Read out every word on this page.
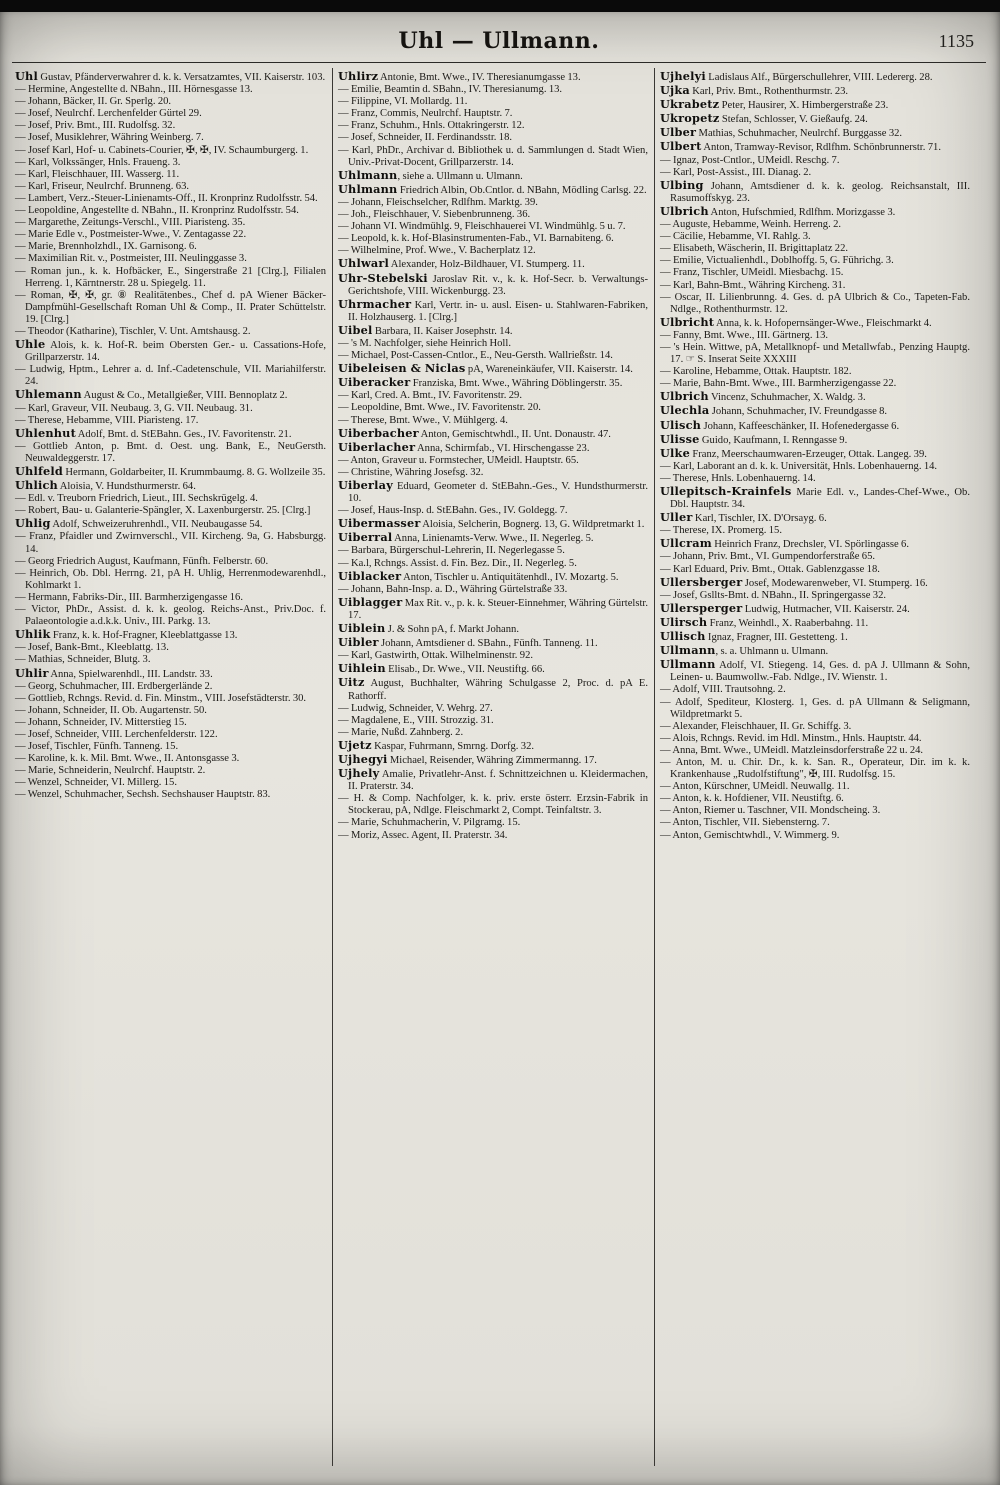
Uhl — Ullmann.	1135
Uhl Gustav, Pfänderverwahrer d. k. k. Versatzamtes, VII. Kaiserstr. 103.
— Hermine, Angestellte d. NBahn., III. Hörnesgasse 13.
— Johann, Bäcker, II. Gr. Sperlg. 20.
— Josef, Neulrchf. Lerchenfelder Gürtel 29.
— Josef, Priv. Bmt., III. Rudolfsg. 32.
— Josef, Musiklehrer, Währing Weinberg. 7.
— Josef Karl, Hof- u. Cabinets-Courier, ✠, ✠, IV. Schaumburgerg. 1.
— Karl, Volkssänger, Hnls. Fraueng. 3.
— Karl, Fleischhauer, III. Wasserg. 11.
— Karl, Friseur, Neulrchf. Brunneng. 63.
— Lambert, Verz.-Steuer-Linienamts-Off., II. Kronprinz Rudolfsstr. 54.
— Leopoldine, Angestellte d. NBahn., II. Kronprinz Rudolfsstr. 54.
— Margarethe, Zeitungs-Verschl., VIII. Piaristeng. 35.
— Marie Edle v., Postmeister-Wwe., V. Zentagasse 22.
— Marie, Brennholzhdl., IX. Garnisong. 6.
— Maximilian Rit. v., Postmeister, III. Neulinggasse 3.
— Roman jun., k. k. Hofbäcker, E., Singerstraße 21 [Clrg.], Filialen Herreng. 1, Kärntnerstr. 28 u. Spiegelg. 11.
— Roman, ✠, ✠, gr. ⑧ Realitätenbes., Chef d. pA Wiener Bäcker-Dampfmühl-Gesellschaft Roman Uhl & Comp., II. Prater Schüttelstr. 19. [Clrg.]
— Theodor (Katharine), Tischler, V. Unt. Amtshausg. 2.
Uhle Alois, k. k. Hof-R. beim Obersten Ger.- u. Cassations-Hofe, Grillparzerstr. 14.
— Ludwig, Hptm., Lehrer a. d. Inf.-Cadetenschule, VII. Mariahilferstr. 24.
Uhlemann August & Co., Metallgießer, VIII. Bennoplatz 2.
— Karl, Graveur, VII. Neubaug. 3, G. VII. Neubaug. 31.
— Therese, Hebamme, VIII. Piaristeng. 17.
Uhlenhut Adolf, Bmt. d. StEBahn. Ges., IV. Favoritenstr. 21.
— Gottlieb Anton, p. Bmt. d. Oest. ung. Bank, E., NeuGersth. Neuwaldeggerstr. 17.
Uhlfeld Hermann, Goldarbeiter, II. Krummbaumg. 8. G. Wollzeile 35.
Uhlich Aloisia, V. Hundsthurmerstr. 64.
— Edl. v. Treuborn Friedrich, Lieut., III. Sechskrügelg. 4.
— Robert, Bau- u. Galanterie-Spängler, X. Laxenburgerstr. 25. [Clrg.]
Uhlig Adolf, Schweizeruhrenhdl., VII. Neubaugasse 54.
— Franz, Pfaidler und Zwirnverschl., VII. Kircheng. 9a, G. Habsburgg. 14.
— Georg Friedrich August, Kaufmann, Fünfh. Felberstr. 60.
— Heinrich, Ob. Dbl. Herrng. 21, pA H. Uhlig, Herrenmodewarenhdl., Kohlmarkt 1.
— Hermann, Fabriks-Dir., III. Barmherzigengasse 16.
— Victor, PhDr., Assist. d. k. k. geolog. Reichs-Anst., Priv.Doc. f. Palaeontologie a.d.k.k. Univ., III. Parkg. 13.
Uhlik Franz, k. k. Hof-Fragner, Kleeblattgasse 13.
— Josef, Bank-Bmt., Kleeblattg. 13.
— Mathias, Schneider, Blutg. 3.
Uhlir Anna, Spielwarenhdl., III. Landstr. 33.
— Georg, Schuhmacher, III. Erdbergerlände 2.
— Gottlieb, Rchngs. Revid. d. Fin. Minstm., VIII. Josefstädterstr. 30.
— Johann, Schneider, II. Ob. Augartenstr. 50.
— Johann, Schneider, IV. Mitterstieg 15.
— Josef, Schneider, VIII. Lerchenfelderstr. 122.
— Josef, Tischler, Fünfh. Tanneng. 15.
— Karoline, k. k. Mil. Bmt. Wwe., II. Antonsgasse 3.
— Marie, Schneiderin, Neulrchf. Hauptstr. 2.
— Wenzel, Schneider, VI. Millerg. 15.
— Wenzel, Schuhmacher, Sechsh. Sechshauser Hauptstr. 83.
Uhlirz Antonie, Bmt. Wwe., IV. Theresianumgasse 13.
— Emilie, Beamtin d. SBahn., IV. Theresianumg. 13.
— Filippine, VI. Mollardg. 11.
— Franz, Commis, Neulrchf. Hauptstr. 7.
— Franz, Schuhm., Hnls. Ottakringerstr. 12.
— Josef, Schneider, II. Ferdinandsstr. 18.
— Karl, PhDr., Archivar d. Bibliothek u. d. Sammlungen d. Stadt Wien, Univ.-Privat-Docent, Grillparzerstr. 14.
Uhlmann, siehe a. Ullmann u. Ulmann.
Uhlmann Friedrich Albin, Ob.Cntlor. d. NBahn, Mödling Carlsg. 22.
— Johann, Fleischselcher, Rdlfhm. Marktg. 39.
— Joh., Fleischhauer, V. Siebenbrunneng. 36.
— Johann VI. Windmühlg. 9, Fleischhauerei VI. Windmühlg. 5 u. 7.
— Leopold, k. k. Hof-Blasinstrumenten-Fab., VI. Barnabiteng. 6.
— Wilhelmine, Prof. Wwe., V. Bacherplatz 12.
Uhlwarl Alexander, Holz-Bildhauer, VI. Stumperg. 11.
Uhr-Stebelski Jaroslav Rit. v., k. k. Hof-Secr. b. Verwaltungs-Gerichtshofe, VIII. Wickenburgg. 23.
Uhrmacher Karl, Vertr. in- u. ausl. Eisen- u. Stahlwaren-Fabriken, II. Holzhauserg. 1. [Clrg.]
Uibel Barbara, II. Kaiser Josephstr. 14.
— 's M. Nachfolger, siehe Heinrich Holl.
— Michael, Post-Cassen-Cntlor., E., Neu-Gersth. Wallrießstr. 14.
Uibeleisen & Niclas pA, Wareneinkäufer, VII. Kaiserstr. 14.
Uiberacker Franziska, Bmt. Wwe., Währing Döblingerstr. 35.
— Karl, Cred. A. Bmt., IV. Favoritenstr. 29.
— Leopoldine, Bmt. Wwe., IV. Favoritenstr. 20.
— Therese, Bmt. Wwe., V. Mühlgerg. 4.
Uiberbacher Anton, Gemischtwhdl., II. Unt. Donaustr. 47.
Uiberlacher Anna, Schirmfab., VI. Hirschengasse 23.
— Anton, Graveur u. Formstecher, UMeidl. Hauptstr. 65.
— Christine, Währing Josefsg. 32.
Uiberlay Eduard, Geometer d. StEBahn.-Ges., V. Hundsthurmerstr. 10.
— Josef, Haus-Insp. d. StEBahn. Ges., IV. Goldegg. 7.
Uibermasser Aloisia, Selcherin, Bognerg. 13, G. Wildpretmarkt 1.
Uiberral Anna, Linienamts-Verw. Wwe., II. Negerleg. 5.
— Barbara, Bürgerschul-Lehrerin, II. Negerlegasse 5.
— Ka.l, Rchngs. Assist. d. Fin. Bez. Dir., II. Negerleg. 5.
Uiblacker Anton, Tischler u. Antiquitätenhdl., IV. Mozartg. 5.
— Johann, Bahn-Insp. a. D., Währing Gürtelstraße 33.
Uiblagger Max Rit. v., p. k. k. Steuer-Einnehmer, Währing Gürtelstr. 17.
Uiblein J. & Sohn pA, f. Markt Johann.
Uibler Johann, Amtsdiener d. SBahn., Fünfh. Tanneng. 11.
— Karl, Gastwirth, Ottak. Wilhelminenstr. 92.
Uihlein Elisab., Dr. Wwe., VII. Neustiftg. 66.
Uitz August, Buchhalter, Währing Schulgasse 2, Proc. d. pA E. Rathorff.
— Ludwig, Schneider, V. Wehrg. 27.
— Magdalene, E., VIII. Strozzig. 31.
— Marie, Nußd. Zahnberg. 2.
Ujetz Kaspar, Fuhrmann, Smrng. Dorfg. 32.
Ujhegyi Michael, Reisender, Währing Zimmermanng. 17.
Ujhely Amalie, Privatlehr-Anst. f. Schnittzeichnen u. Kleidermachen, II. Praterstr. 34.
— H. & Comp. Nachfolger, k. k. priv. erste österr. Erzsin-Fabrik in Stockerau, pA, Ndlge. Fleischmarkt 2, Compt. Teinfaltstr. 3.
— Marie, Schuhmacherin, V. Pilgramg. 15.
— Moriz, Assec. Agent, II. Praterstr. 34.
Ujhelyi Ladislaus Alf., Bürgerschullehrer, VIII. Ledererg. 28.
Ujka Karl, Priv. Bmt., Rothenthurmstr. 23.
Ukrabetz Peter, Hausirer, X. Himbergerstraße 23.
Ukropetz Stefan, Schlosser, V. Gießaufg. 24.
Ulber Mathias, Schuhmacher, Neulrchf. Burggasse 32.
Ulbert Anton, Tramway-Revisor, Rdlfhm. Schönbrunnerstr. 71.
— Ignaz, Post-Cntlor., UMeidl. Reschg. 7.
— Karl, Post-Assist., III. Dianag. 2.
Ulbing Johann, Amtsdiener d. k. k. geolog. Reichsanstalt, III. Rasumoffskyg. 23.
Ulbrich Anton, Hufschmied, Rdlfhm. Morizgasse 3.
— Auguste, Hebamme, Weinh. Herreng. 2.
— Cäcilie, Hebamme, VI. Rahlg. 3.
— Elisabeth, Wäscherin, II. Brigittaplatz 22.
— Emilie, Victualienhdl., Doblhoffg. 5, G. Führichg. 3.
— Franz, Tischler, UMeidl. Miesbachg. 15.
— Karl, Bahn-Bmt., Währing Kircheng. 31.
— Oscar, II. Lilienbrunng. 4. Ges. d. pA Ulbrich & Co., Tapeten-Fab. Ndlge., Rothenthurmstr. 12.
Ulbricht Anna, k. k. Hofopernsänger-Wwe., Fleischmarkt 4.
— Fanny, Bmt. Wwe., III. Gärtnerg. 13.
— 's Hein. Wittwe, pA, Metallknopf- und Metallwfab., Penzing Hauptg. 17. ☞ S. Inserat Seite XXXIII
— Karoline, Hebamme, Ottak. Hauptstr. 182.
— Marie, Bahn-Bmt. Wwe., III. Barmherzigengasse 22.
Ulbrich Vincenz, Schuhmacher, X. Waldg. 3.
Ulechla Johann, Schuhmacher, IV. Freundgasse 8.
Ulisch Johann, Kaffeeschänker, II. Hofenedergasse 6.
Ulisse Guido, Kaufmann, I. Renngasse 9.
Ulke Franz, Meerschaumwaren-Erzeuger, Ottak. Langeg. 39.
— Karl, Laborant an d. k. k. Universität, Hnls. Lobenhauerng. 14.
— Therese, Hnls. Lobenhauerng. 14.
Ullepitsch-Krainfels Marie Edl. v., Landes-Chef-Wwe., Ob. Dbl. Hauptstr. 34.
Uller Karl, Tischler, IX. D'Orsayg. 6.
— Therese, IX. Promerg. 15.
Ullcram Heinrich Franz, Drechsler, VI. Spörlingasse 6.
— Johann, Priv. Bmt., VI. Gumpendorferstraße 65.
— Karl Eduard, Priv. Bmt., Ottak. Gablenzgasse 18.
Ullersberger Josef, Modewarenweber, VI. Stumperg. 16.
— Josef, Gsllts-Bmt. d. NBahn., II. Springergasse 32.
Ullersperger Ludwig, Hutmacher, VII. Kaiserstr. 24.
Ulirsch Franz, Weinhdl., X. Raaberbahng. 11.
Ullisch Ignaz, Fragner, III. Gestetteng. 1.
Ullmann, s. a. Uhlmann u. Ulmann.
Ullmann Adolf, VI. Stiegeng. 14, Ges. d. pA J. Ullmann & Sohn, Leinen- u. Baumwollw.-Fab. Ndlge., IV. Wienstr. 1.
— Adolf, VIII. Trautsohng. 2.
— Adolf, Spediteur, Klosterg. 1, Ges. d. pA Ullmann & Seligmann, Wildpretmarkt 5.
— Alexander, Fleischhauer, II. Gr. Schiffg. 3.
— Alois, Rchngs. Revid. im Hdl. Minstm., Hnls. Hauptstr. 44.
— Anna, Bmt. Wwe., UMeidl. Matzleinsdorferstraße 22 u. 24.
— Anton, M. u. Chir. Dr., k. k. San. R., Operateur, Dir. im k. k. Krankenhause „Rudolfstiftung", ✠, III. Rudolfsg. 15.
— Anton, Kürschner, UMeidl. Neuwallg. 11.
— Anton, k. k. Hofdiener, VII. Neustiftg. 6.
— Anton, Riemer u. Taschner, VII. Mondscheing. 3.
— Anton, Tischler, VII. Siebensterng. 7.
— Anton, Gemischtwhdl., V. Wimmerg. 9.
